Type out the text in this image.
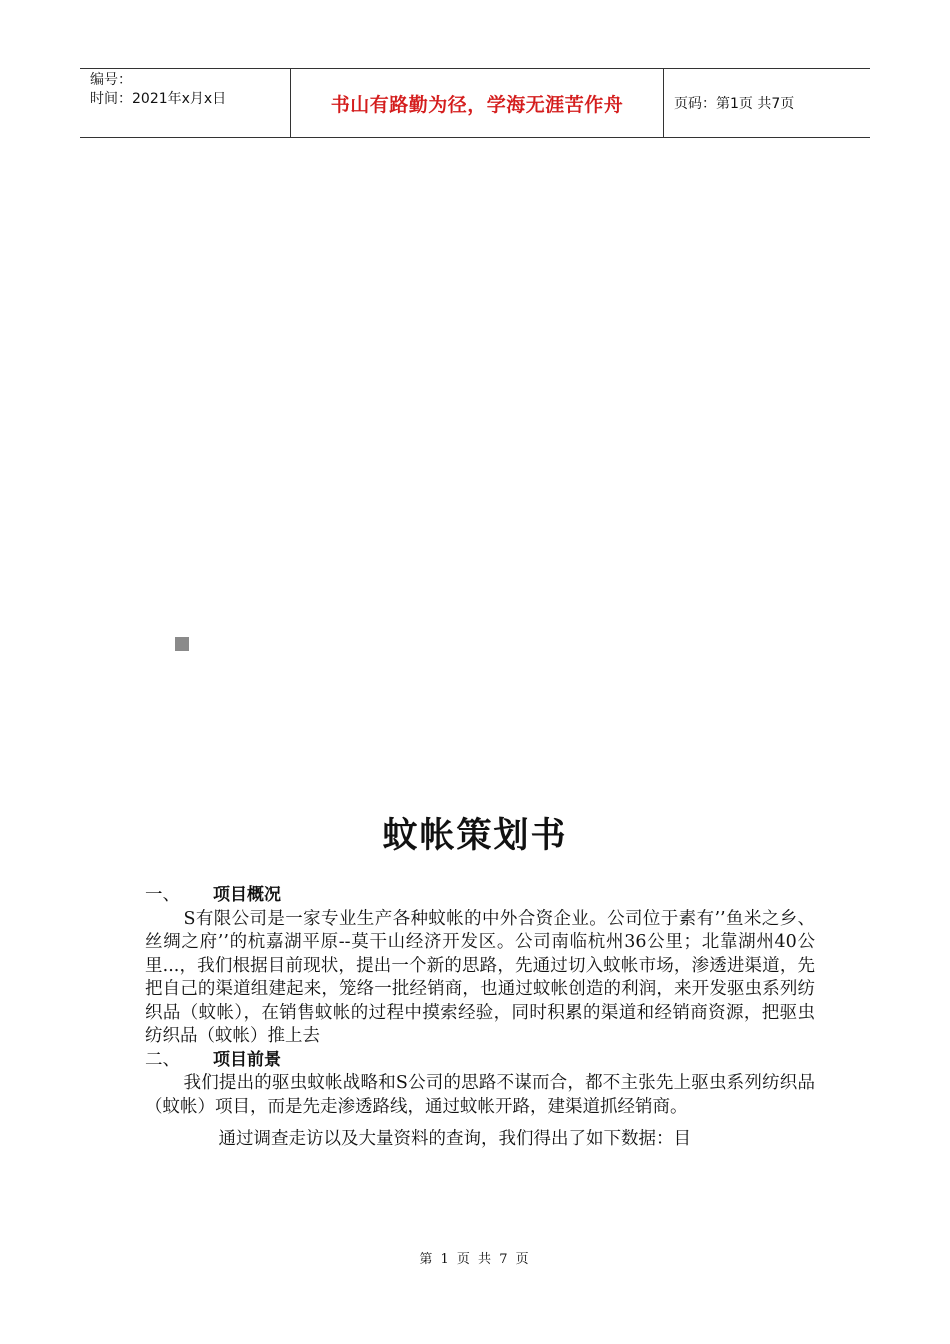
编号：
时间：2021年x月x日	书山有路勤为径，学海无涯苦作舟	页码：第1页 共7页
蚊帐策划书
一、	项目概况

S有限公司是一家专业生产各种蚊帐的中外合资企业。公司位于素有’’鱼米之乡、丝绸之府’’的杭嘉湖平原--莫干山经济开发区。公司南临杭州36公里；北靠湖州40公里...，我们根据目前现状，提出一个新的思路，先通过切入蚊帐市场，渗透进渠道，先把自己的渠道组建起来，笼络一批经销商，也通过蚊帐创造的利润，来开发驱虫系列纺织品（蚊帐），在销售蚊帐的过程中摸索经验，同时积累的渠道和经销商资源，把驱虫纺织品（蚊帐）推上去

二、	项目前景

我们提出的驱虫蚊帐战略和S公司的思路不谋而合，都不主张先上驱虫系列纺织品（蚊帐）项目，而是先走渗透路线，通过蚊帐开路，建渠道抓经销商。

通过调查走访以及大量资料的查询，我们得出了如下数据：目

第 1 页 共 7 页
